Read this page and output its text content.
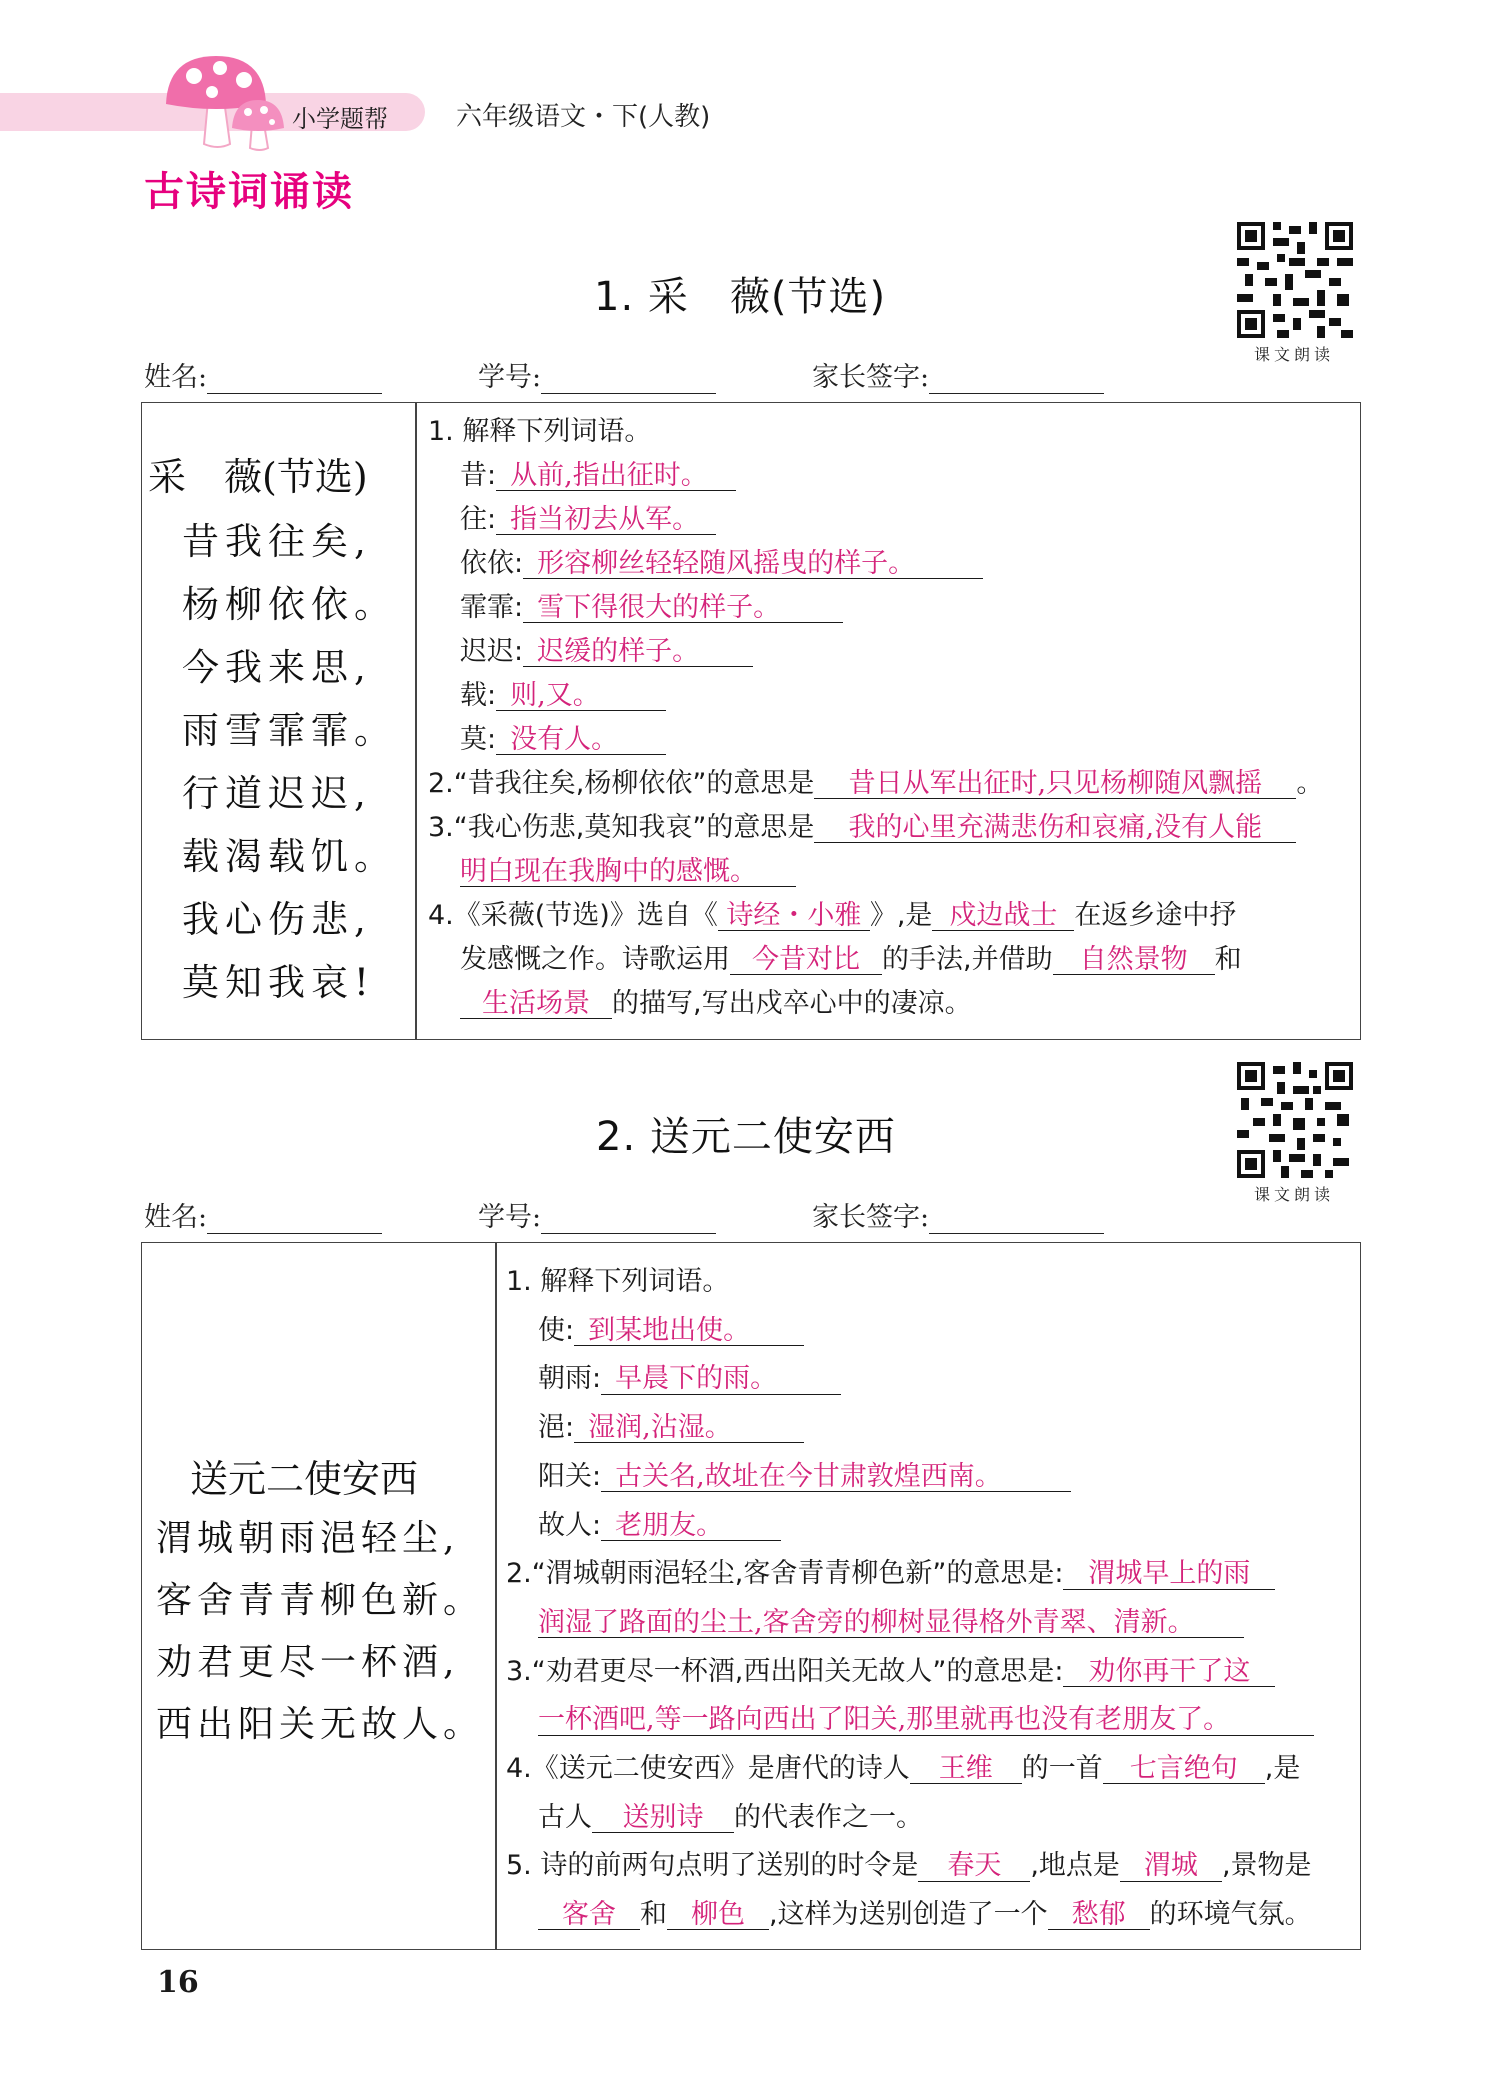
小学题帮	六年级语文・下(人教)
古诗词诵读
1. 采　薇(节选)
课文朗读
姓名:	学号:	家长签字:
采　薇(节选)
昔我往矣,
杨柳依依。
今我来思,
雨雪霏霏。
行道迟迟,
载渴载饥。
我心伤悲,
莫知我哀!
1. 解释下列词语。
昔: 从前,指出征时。
往: 指当初去从军。
依依: 形容柳丝轻轻随风摇曳的样子。
霏霏: 雪下得很大的样子。
迟迟: 迟缓的样子。
载: 则,又。
莫: 没有人。
2.“昔我往矣,杨柳依依”的意思是 昔日从军出征时,只见杨柳随风飘摇 。
3.“我心伤悲,莫知我哀”的意思是 我的心里充满悲伤和哀痛,没有人能
明白现在我胸中的感慨。
4.《采薇(节选)》选自《 诗经・小雅 》,是 戍边战士 在返乡途中抒
发感慨之作。诗歌运用 今昔对比 的手法,并借助 自然景物 和
生活场景 的描写,写出戍卒心中的凄凉。
2. 送元二使安西
课文朗读
姓名:	学号:	家长签字:
送元二使安西
渭城朝雨浥轻尘,
客舍青青柳色新。
劝君更尽一杯酒,
西出阳关无故人。
1. 解释下列词语。
使: 到某地出使。
朝雨: 早晨下的雨。
浥: 湿润,沾湿。
阳关: 古关名,故址在今甘肃敦煌西南。
故人: 老朋友。
2.“渭城朝雨浥轻尘,客舍青青柳色新”的意思是: 渭城早上的雨
润湿了路面的尘土,客舍旁的柳树显得格外青翠、清新。
3.“劝君更尽一杯酒,西出阳关无故人”的意思是: 劝你再干了这
一杯酒吧,等一路向西出了阳关,那里就再也没有老朋友了。
4.《送元二使安西》是唐代的诗人 王维 的一首 七言绝句 ,是
古人 送别诗 的代表作之一。
5. 诗的前两句点明了送别的时令是 春天 ,地点是 渭城 ,景物是
客舍 和 柳色 ,这样为送别创造了一个 愁郁 的环境气氛。
16
